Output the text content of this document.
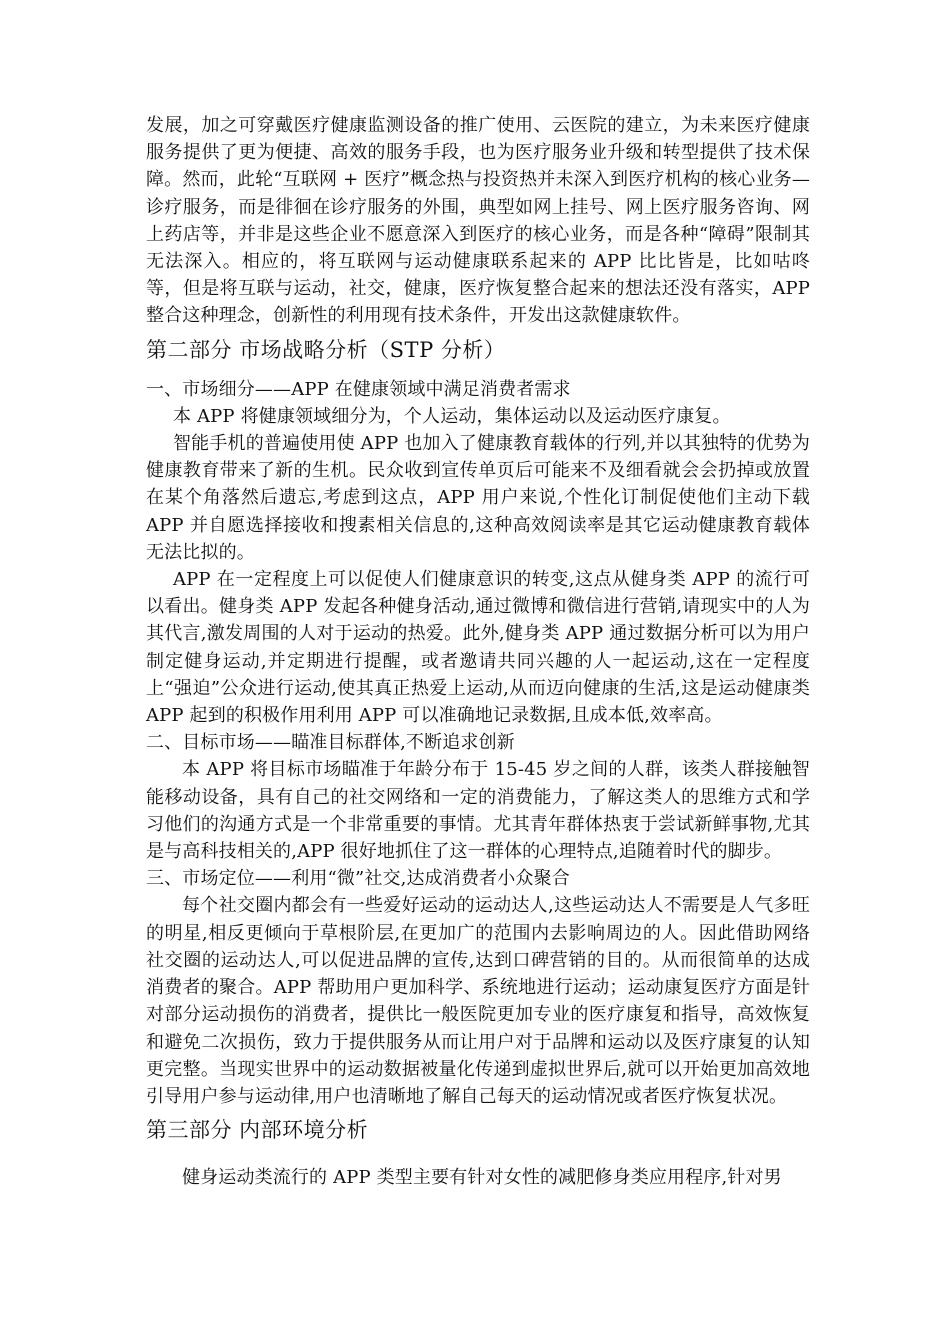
发展，加之可穿戴医疗健康监测设备的推广使用、云医院的建立，为未来医疗健康服务提供了更为便捷、高效的服务手段，也为医疗服务业升级和转型提供了技术保障。然而，此轮“互联网 + 医疗”概念热与投资热并未深入到医疗机构的核心业务—诊疗服务，而是徘徊在诊疗服务的外围，典型如网上挂号、网上医疗服务咨询、网上药店等，并非是这些企业不愿意深入到医疗的核心业务，而是各种“障碍”限制其无法深入。相应的，将互联网与运动健康联系起来的 APP 比比皆是，比如咕咚等，但是将互联与运动，社交，健康，医疗恢复整合起来的想法还没有落实，APP 整合这种理念，创新性的利用现有技术条件，开发出这款健康软件。

第二部分 市场战略分析（STP 分析）

一、市场细分——APP 在健康领域中满足消费者需求

本 APP 将健康领域细分为，个人运动，集体运动以及运动医疗康复。

智能手机的普遍使用使 APP 也加入了健康教育载体的行列,并以其独特的优势为健康教育带来了新的生机。民众收到宣传单页后可能来不及细看就会会扔掉或放置在某个角落然后遗忘,考虑到这点，APP 用户来说,个性化订制促使他们主动下载 APP 并自愿选择接收和搜素相关信息的,这种高效阅读率是其它运动健康教育载体无法比拟的。

APP 在一定程度上可以促使人们健康意识的转变,这点从健身类 APP 的流行可以看出。健身类 APP 发起各种健身活动,通过微博和微信进行营销,请现实中的人为其代言,激发周围的人对于运动的热爱。此外,健身类 APP 通过数据分析可以为用户制定健身运动,并定期进行提醒，或者邀请共同兴趣的人一起运动,这在一定程度上“强迫”公众进行运动,使其真正热爱上运动,从而迈向健康的生活,这是运动健康类 APP 起到的积极作用利用 APP 可以准确地记录数据,且成本低,效率高。

二、目标市场——瞄准目标群体,不断追求创新

本 APP 将目标市场瞄准于年龄分布于 15-45 岁之间的人群，该类人群接触智能移动设备，具有自己的社交网络和一定的消费能力，了解这类人的思维方式和学习他们的沟通方式是一个非常重要的事情。尤其青年群体热衷于尝试新鲜事物,尤其是与高科技相关的,APP 很好地抓住了这一群体的心理特点,追随着时代的脚步。

三、市场定位——利用“微”社交,达成消费者小众聚合

每个社交圈内都会有一些爱好运动的运动达人,这些运动达人不需要是人气多旺的明星,相反更倾向于草根阶层,在更加广的范围内去影响周边的人。因此借助网络社交圈的运动达人,可以促进品牌的宣传,达到口碑营销的目的。从而很简单的达成消费者的聚合。APP 帮助用户更加科学、系统地进行运动；运动康复医疗方面是针对部分运动损伤的消费者，提供比一般医院更加专业的医疗康复和指导，高效恢复和避免二次损伤，致力于提供服务从而让用户对于品牌和运动以及医疗康复的认知更完整。当现实世界中的运动数据被量化传递到虚拟世界后,就可以开始更加高效地引导用户参与运动律,用户也清晰地了解自己每天的运动情况或者医疗恢复状况。

第三部分 内部环境分析

健身运动类流行的 APP 类型主要有针对女性的减肥修身类应用程序,针对男
